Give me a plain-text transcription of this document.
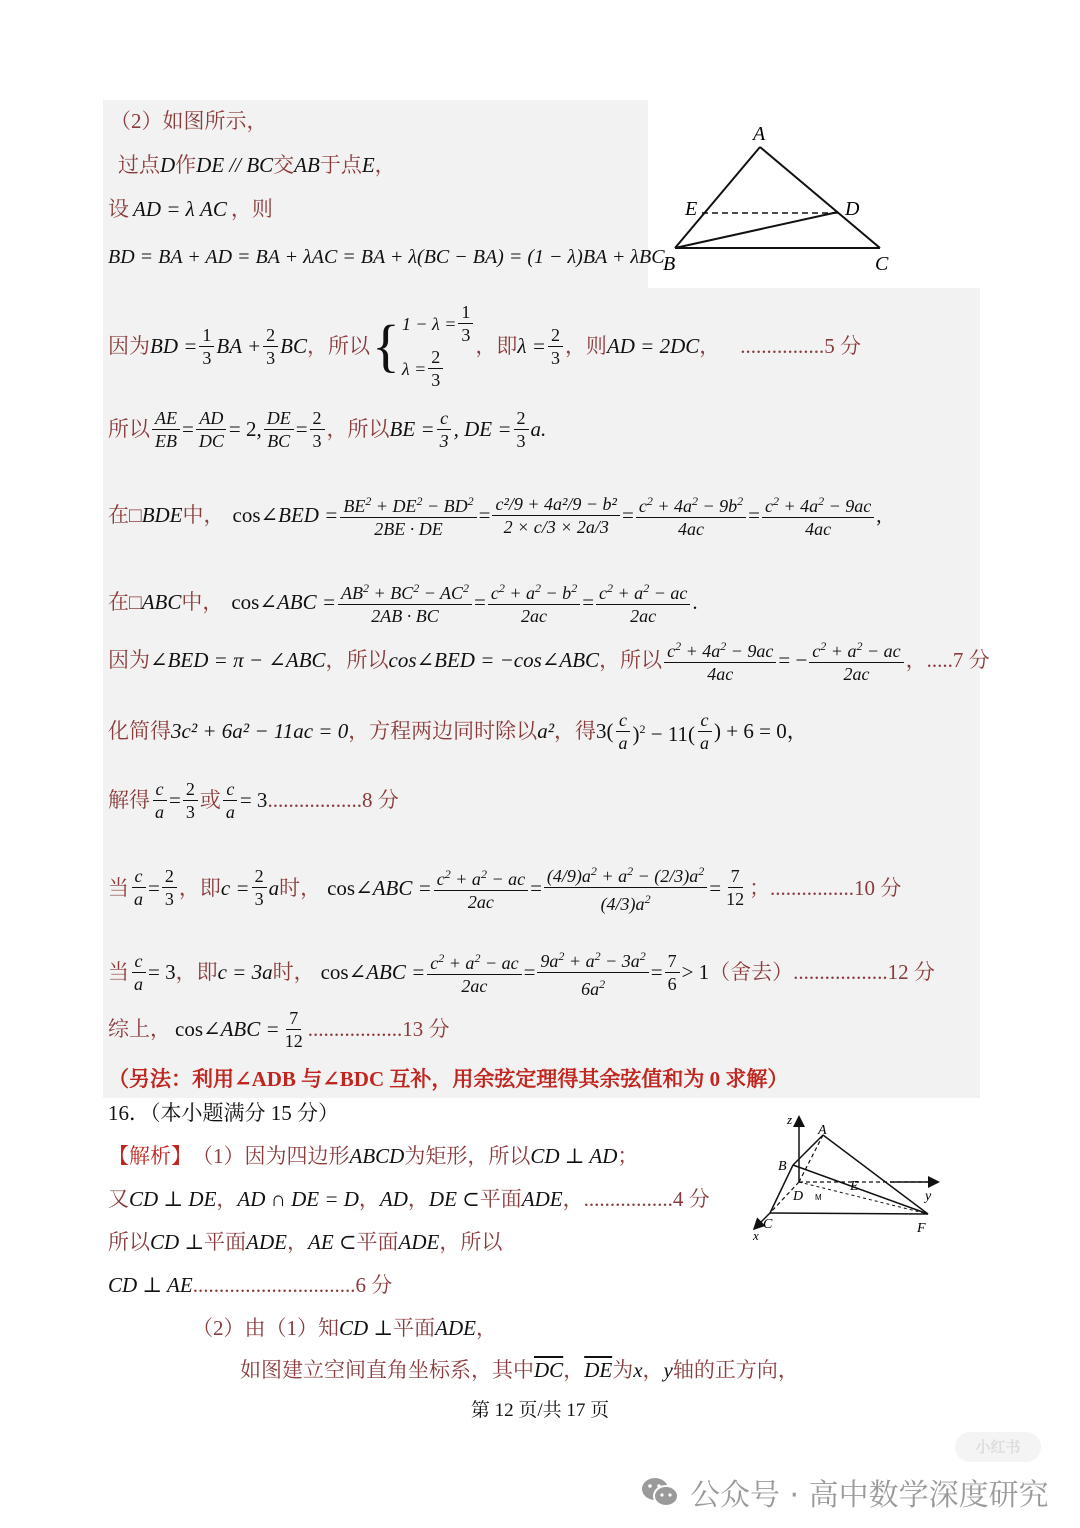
（2）如图所示，
过点 D 作 DE // BC 交 AB 于点 E ，
设 AD = λ AC ，则
BD = BA + AD = BA + λAC = BA + λ(BC − BA) = (1 − λ)BA + λBC
因为 BD = $\frac{1}{3}$ BA + $\frac{2}{3}$ BC ，所以 { $1 - \lambda = \frac{1}{3}$
$\lambda = \frac{2}{3}$ ，即 $\lambda = \frac{2}{3}$ ，则 AD = 2DC ， ................5 分
所以 $\frac{AE}{EB} = \frac{AD}{DC} = 2$, $\frac{DE}{BC} = \frac{2}{3}$ ，所以 BE = $\frac{c}{3}$ , DE = $\frac{2}{3} a$.
在□ BDE 中， cos ∠BED = $\frac{BE^2 + DE^2 - BD^2}{2BE \cdot DE} = \frac{\text{c²/9 + 4a²/9 − b²}}{2 \times c/3 \times 2a/3} = \frac{c^2 + 4a^2 - 9b^2}{4ac} = \frac{c^2 + 4a^2 - 9ac}{4ac}$ ,
在□ ABC 中， cos ∠ABC = $\frac{AB^2 + BC^2 - AC^2}{2AB \cdot BC} = \frac{c^2 + a^2 - b^2}{2ac} = \frac{c^2 + a^2 - ac}{2ac}$ .
因为 ∠BED = π − ∠ABC ，所以 cos∠BED = −cos∠ABC ，所以 $\frac{c^2 + 4a^2 - 9ac}{4ac}$ = − $\frac{c^2 + a^2 - ac}{2ac}$ ，.....7 分
化简得 3c² + 6a² − 11ac = 0 ，方程两边同时除以 a² ，得 $3( \frac{c}{a} )^2 - 11( \frac{c}{a}$ ) + 6 = 0，
解得 $\frac{c}{a} = \frac{2}{3}$ 或 $\frac{c}{a} = 3$ ..................8 分
当 $\frac{c}{a} = \frac{2}{3}$ ，即 $c = \frac{2}{3}$ a 时， cos ∠ABC = $\frac{c^2 + a^2 - ac}{2ac} = \frac{(4/9)a^2 + a^2 - (2/3)a^2}{(4/3)a^2} = \frac{7}{12}$ ；................10 分
当 $\frac{c}{a} = 3$ ，即 c = 3a 时， cos ∠ABC = $\frac{c^2 + a^2 - ac}{2ac} = \frac{9a^2 + a^2 - 3a^2}{6a^2} = \frac{7}{6} > 1$ （舍去） ..................12 分
综上， cos ∠ABC = $\frac{7}{12} ..................13$ 分
（另法：利用∠ADB 与∠BDC 互补，用余弦定理得其余弦值和为 0 求解）
A
E	D
B	C
16．（本小题满分 15 分）
【解析】 （1）因为四边形 ABCD 为矩形，所以 CD ⊥ AD ；
又 CD ⊥ DE ， AD ∩ DE = D ， AD ， DE ⊂ 平面 ADE ，.................4 分
所以 CD ⊥ 平面 ADE ， AE ⊂ 平面 ADE ，所以
CD ⊥ AE ...............................6 分
（2）由（1）知 CD ⊥ 平面 ADE ，
如图建立空间直角坐标系，其中 $\overline{DC}$ ， $\overline{DE}$ 为 x ， y 轴的正方向，
z
A
B
D M
E
y
C
x	F
第 12 页/共 17 页
小红书
公众号 · 高中数学深度研究
